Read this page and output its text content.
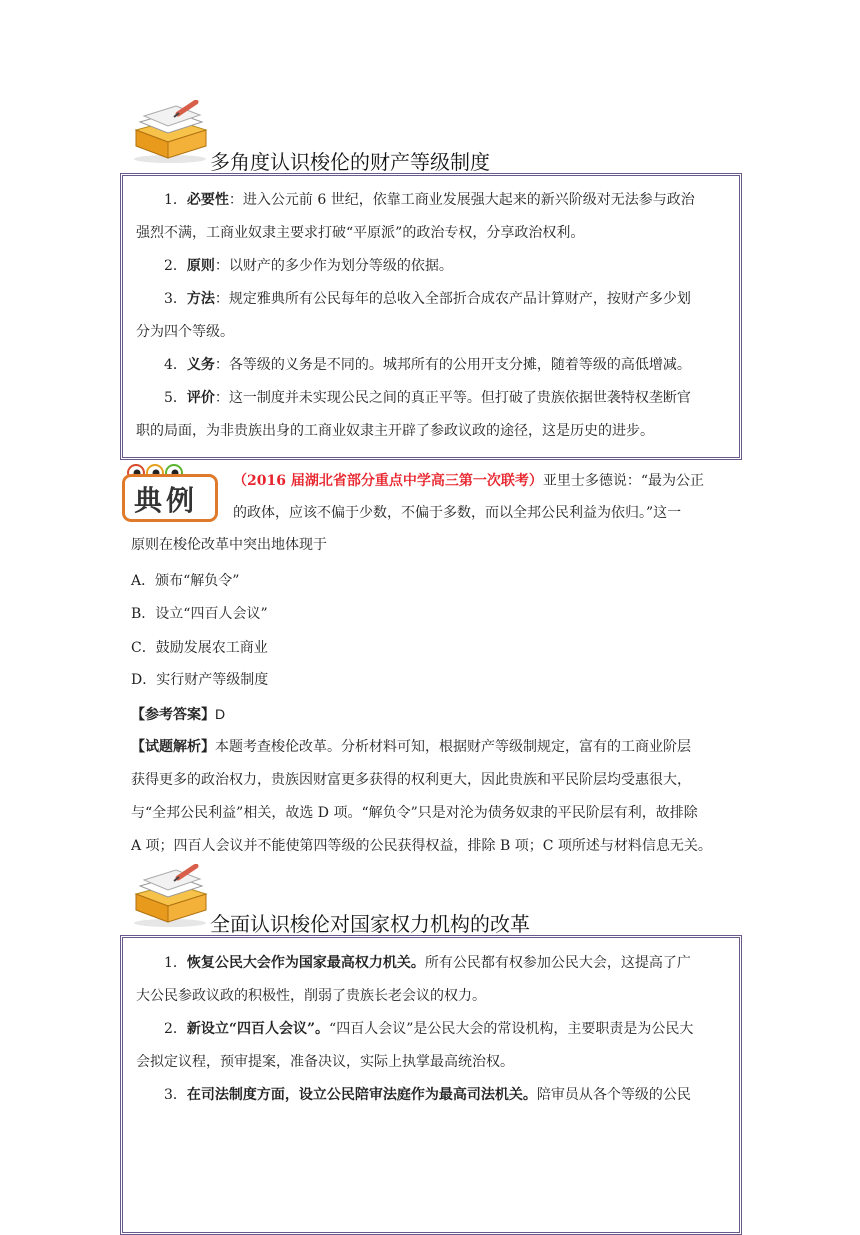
多角度认识梭伦的财产等级制度

1．必要性：进入公元前 6 世纪，依靠工商业发展强大起来的新兴阶级对无法参与政治

强烈不满，工商业奴隶主要求打破“平原派”的政治专权，分享政治权利。

2．原则：以财产的多少作为划分等级的依据。

3．方法：规定雅典所有公民每年的总收入全部折合成农产品计算财产，按财产多少划

分为四个等级。

4．义务：各等级的义务是不同的。城邦所有的公用开支分摊，随着等级的高低增减。

5．评价：这一制度并未实现公民之间的真正平等。但打破了贵族依据世袭特权垄断官

职的局面，为非贵族出身的工商业奴隶主开辟了参政议政的途径，这是历史的进步。

典例

（2016 届湖北省部分重点中学高三第一次联考）亚里士多德说：“最为公正

的政体，应该不偏于少数，不偏于多数，而以全邦公民利益为依归。”这一

原则在梭伦改革中突出地体现于

A．颁布“解负令”

B．设立“四百人会议”

C．鼓励发展农工商业

D．实行财产等级制度

【参考答案】D

【试题解析】本题考查梭伦改革。分析材料可知，根据财产等级制规定，富有的工商业阶层

获得更多的政治权力，贵族因财富更多获得的权利更大，因此贵族和平民阶层均受惠很大，

与“全邦公民利益”相关，故选 D 项。“解负令”只是对沦为债务奴隶的平民阶层有利，故排除

A 项；四百人会议并不能使第四等级的公民获得权益，排除 B 项；C 项所述与材料信息无关。

全面认识梭伦对国家权力机构的改革

1．恢复公民大会作为国家最高权力机关。所有公民都有权参加公民大会，这提高了广

大公民参政议政的积极性，削弱了贵族长老会议的权力。

2．新设立“四百人会议”。“四百人会议”是公民大会的常设机构，主要职责是为公民大

会拟定议程，预审提案，准备决议，实际上执掌最高统治权。

3．在司法制度方面，设立公民陪审法庭作为最高司法机关。陪审员从各个等级的公民
